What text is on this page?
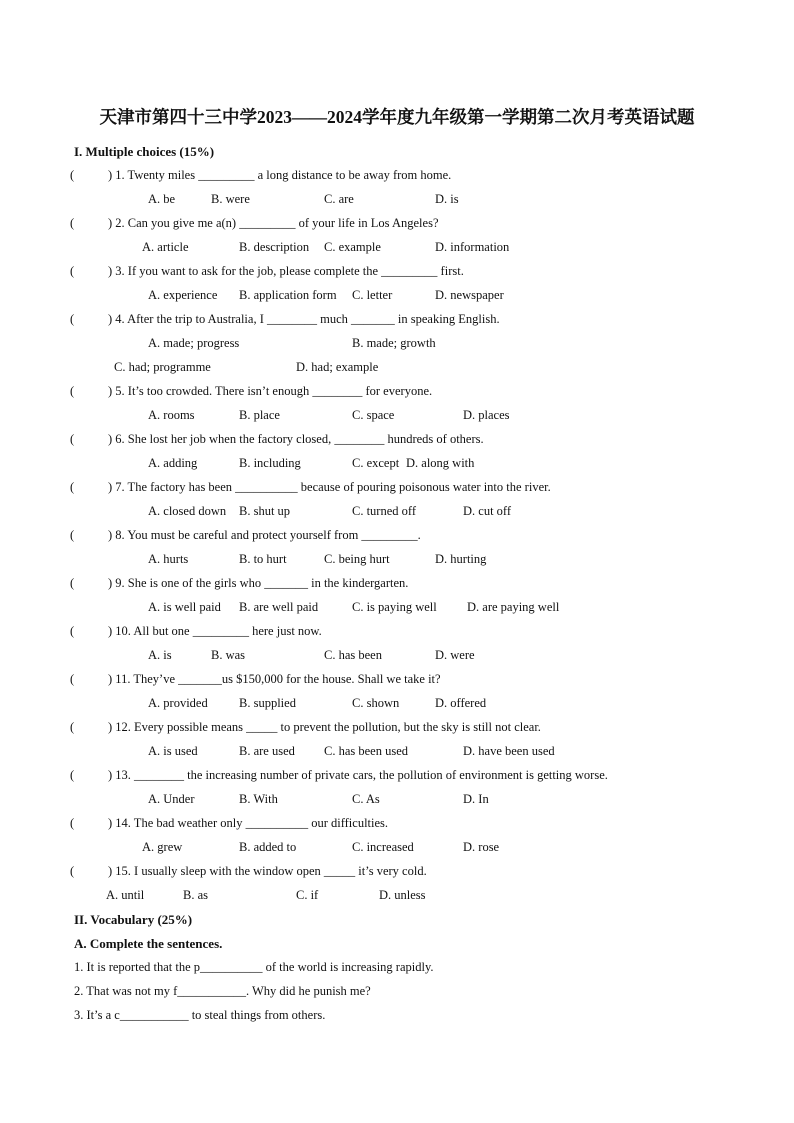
天津市第四十三中学2023——2024学年度九年级第一学期第二次月考英语试题
I. Multiple choices (15%)
(	) 1. Twenty miles _________ a long distance to be away from home.
A. be	B. were	C. are	D. is
(	) 2. Can you give me a(n) _________ of your life in Los Angeles?
A. article	B. description C. example	D. information
(	) 3. If you want to ask for the job, please complete the _________ first.
A. experience B. application form C. letter	D. newspaper
(	) 4. After the trip to Australia, I ________ much _______ in speaking English.
A. made; progress	B. made; growth
C. had; programme	D. had; example
(	) 5. It’s too crowded. There isn’t enough ________ for everyone.
A. rooms	B. place	C. space	D. places
(	) 6. She lost her job when the factory closed, ________ hundreds of others.
A. adding	B. including	C. except D. along with
(	) 7. The factory has been __________ because of pouring poisonous water into the river.
A. closed down B. shut up	C. turned off	D. cut off
(	) 8. You must be careful and protect yourself from _________.
A. hurts	B. to hurt	C. being hurt	D. hurting
(	) 9. She is one of the girls who _______ in the kindergarten.
A. is well paid B. are well paid	C. is paying well D. are paying well
(	) 10. All but one _________ here just now.
A. is	B. was	C. has been	D. were
(	) 11. They’ve _______us $150,000 for the house. Shall we take it?
A. provided	B. supplied	C. shown	D. offered
(	) 12. Every possible means _____ to prevent the pollution, but the sky is still not clear.
A. is used	B. are used C. has been used	D. have been used
(	) 13. ________ the increasing number of private cars, the pollution of environment is getting worse.
A. Under	B. With	C. As	D. In
(	) 14. The bad weather only __________ our difficulties.
A. grew	B. added to	C. increased	D. rose
(	) 15. I usually sleep with the window open _____ it’s very cold.
A. until	B. as	C. if	D. unless
II. Vocabulary (25%)
A. Complete the sentences.
1. It is reported that the p__________ of the world is increasing rapidly.
2. That was not my f___________. Why did he punish me?
3. It’s a c___________ to steal things from others.
